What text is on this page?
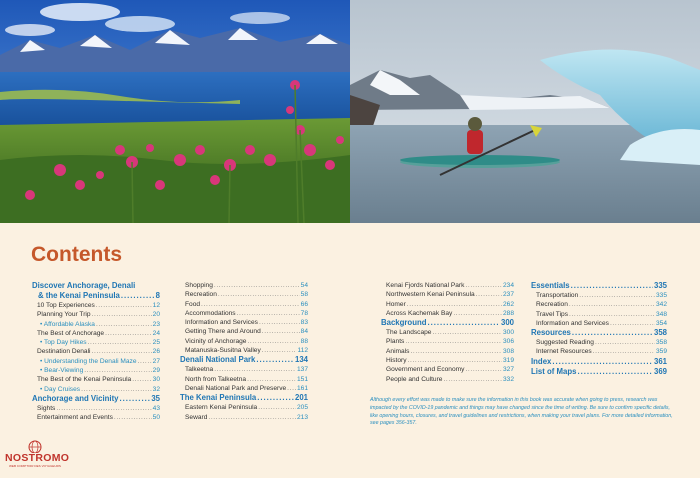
Contents
Discover Anchorage, Denali
& the Kenai Peninsula . . .	8
10 Top Experiences . . .	12
Planning Your Trip . . .	20
• Affordable Alaska . . .	23
The Best of Anchorage . . .	24
• Top Day Hikes . . .	25
Destination Denali . . .	26
• Understanding the Denali Maze . . . 27
• Bear-Viewing . . .	29
The Best of the Kenai Peninsula . . .	30
• Day Cruises . . .	32
Anchorage and Vicinity . . .	35
Sights . . .	43
Entertainment and Events . . .	50
Shopping . . .	54
Recreation . . .	58
Food . . .	66
Accommodations . . .	78
Information and Services . . .	83
Getting There and Around . . .	84
Vicinity of Anchorage . . .	88
Matanuska-Susitna Valley . . .	112
Denali National Park . . .	134
Talkeetna . . .	137
North from Talkeetna . . .	151
Denali National Park and Preserve . . . 161
The Kenai Peninsula . . .	201
Eastern Kenai Peninsula . . .	205
Seward . . .	213
Kenai Fjords National Park . . .	234
Northwestern Kenai Peninsula . . .	237
Homer . . .	262
Across Kachemak Bay . . .	288
Background . . .	300
The Landscape . . .	300
Plants . . .	306
Animals . . .	308
History . . .	319
Government and Economy . . .	327
People and Culture . . .	332
Essentials . . .	335
Transportation . . .	335
Recreation . . .	342
Travel Tips . . .	348
Information and Services . . .	354
Resources . . .	358
Suggested Reading . . .	358
Internet Resources . . .	359
Index . . .	361
List of Maps . . .	369
Although every effort was made to make sure the information in this book was accurate when going to press, research was impacted by the COVID-19 pandemic and things may have changed since the time of writing. Be sure to confirm specific details, like opening hours, closures, and travel guidelines and restrictions, when making your travel plans. For more detailed information, see pages 356-357.
NOSTROMO
WEB COMPTOIR DES VOYAGEURS
